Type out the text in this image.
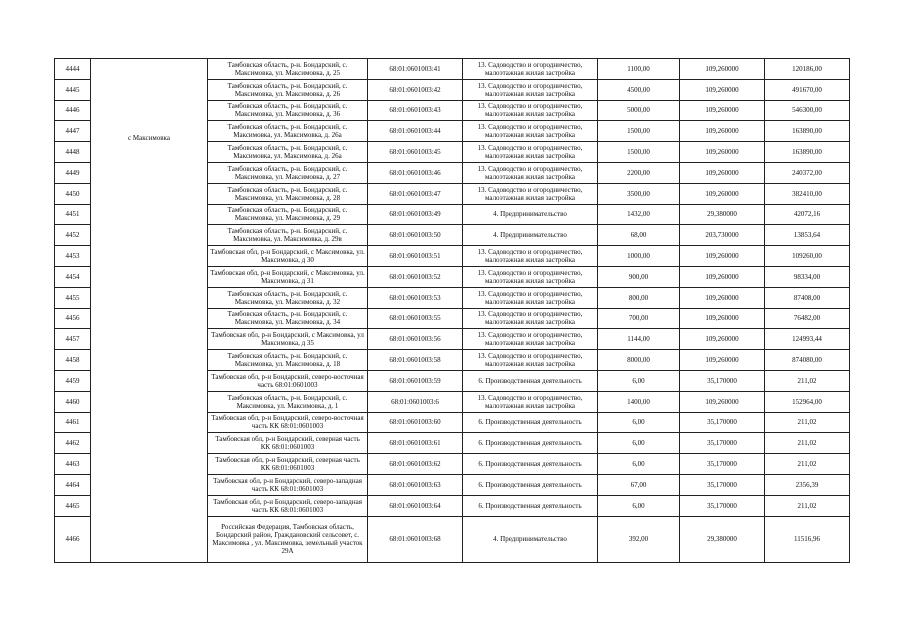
4444	с Максимовка	Тамбовская область, р-н. Бондарский, с. Максимовка, ул. Максимовка, д. 25	68:01:0601003:41	13. Садоводство и огородничество, малоэтажная жилая застройка	1100,00	109,260000	120186,00
4445		Тамбовская область, р-н. Бондарский, с. Максимовка, ул. Максимовка, д. 26	68:01:0601003:42	13. Садоводство и огородничество, малоэтажная жилая застройка	4500,00	109,260000	491670,00
4446		Тамбовская область, р-н. Бондарский, с. Максимовка, ул. Максимовка, д. 36	68:01:0601003:43	13. Садоводство и огородничество, малоэтажная жилая застройка	5000,00	109,260000	546300,00
4447		Тамбовская область, р-н. Бондарский, с. Максимовка, ул. Максимовка, д. 26а	68:01:0601003:44	13. Садоводство и огородничество, малоэтажная жилая застройка	1500,00	109,260000	163890,00
4448		Тамбовская область, р-н. Бондарский, с. Максимовка, ул. Максимовка, д. 26а	68:01:0601003:45	13. Садоводство и огородничество, малоэтажная жилая застройка	1500,00	109,260000	163890,00
4449		Тамбовская область, р-н. Бондарский, с. Максимовка, ул. Максимовка, д. 27	68:01:0601003:46	13. Садоводство и огородничество, малоэтажная жилая застройка	2200,00	109,260000	240372,00
4450		Тамбовская область, р-н. Бондарский, с. Максимовка, ул. Максимовка, д. 28	68:01:0601003:47	13. Садоводство и огородничество, малоэтажная жилая застройка	3500,00	109,260000	382410,00
4451		Тамбовская область, р-н. Бондарский, с. Максимовка, ул. Максимовка, д. 29	68:01:0601003:49	4. Предпринимательство	1432,00	29,380000	42072,16
4452		Тамбовская область, р-н. Бондарский, с. Максимовка, ул. Максимовка, д. 29в	68:01:0601003:50	4. Предпринимательство	68,00	203,730000	13853,64
4453		Тамбовская обл, р-н Бондарский, с Максимовка, ул. Максимовка, д 30	68:01:0601003:51	13. Садоводство и огородничество, малоэтажная жилая застройка	1000,00	109,260000	109260,00
4454		Тамбовская обл, р-н Бондарский, с Максимовка, ул. Максимовка, д 31	68:01:0601003:52	13. Садоводство и огородничество, малоэтажная жилая застройка	900,00	109,260000	98334,00
4455		Тамбовская область, р-н. Бондарский, с. Максимовка, ул. Максимовка, д. 32	68:01:0601003:53	13. Садоводство и огородничество, малоэтажная жилая застройка	800,00	109,260000	87408,00
4456		Тамбовская область, р-н. Бондарский, с. Максимовка, ул. Максимовка, д. 34	68:01:0601003:55	13. Садоводство и огородничество, малоэтажная жилая застройка	700,00	109,260000	76482,00
4457		Тамбовская обл, р-н Бондарский, с Максимовка, ул Максимовка, д 35	68:01:0601003:56	13. Садоводство и огородничество, малоэтажная жилая застройка	1144,00	109,260000	124993,44
4458		Тамбовская область, р-н. Бондарский, с. Максимовка, ул. Максимовка, д. 18	68:01:0601003:58	13. Садоводство и огородничество, малоэтажная жилая застройка	8000,00	109,260000	874080,00
4459		Тамбовская обл, р-н Бондарский, северо-восточная часть 68:01:0601003	68:01:0601003:59	6. Производственная деятельность	6,00	35,170000	211,02
4460		Тамбовская область, р-н. Бондарский, с. Максимовка, ул. Максимовка, д. 1	68:01:0601003:6	13. Садоводство и огородничество, малоэтажная жилая застройка	1400,00	109,260000	152964,00
4461		Тамбовская обл, р-н Бондарский, северо-восточная часть КК 68:01:0601003	68:01:0601003:60	6. Производственная деятельность	6,00	35,170000	211,02
4462		Тамбовская обл, р-н Бондарский, северная часть КК 68:01:0601003	68:01:0601003:61	6. Производственная деятельность	6,00	35,170000	211,02
4463		Тамбовская обл, р-н Бондарский, северная часть КК 68:01:0601003	68:01:0601003:62	6. Производственная деятельность	6,00	35,170000	211,02
4464		Тамбовская обл, р-н Бондарский, северо-западная часть КК 68:01:0601003	68:01:0601003:63	6. Производственная деятельность	67,00	35,170000	2356,39
4465		Тамбовская обл, р-н Бондарский, северо-западная часть КК 68:01:0601003	68:01:0601003:64	6. Производственная деятельность	6,00	35,170000	211,02
4466		Российская Федерация, Тамбовская область, Бондарский район, Граждановский сельсовет, с. Максимовка , ул. Максимовка, земельный участок 29А	68:01:0601003:68	4. Предпринимательство	392,00	29,380000	11516,96
